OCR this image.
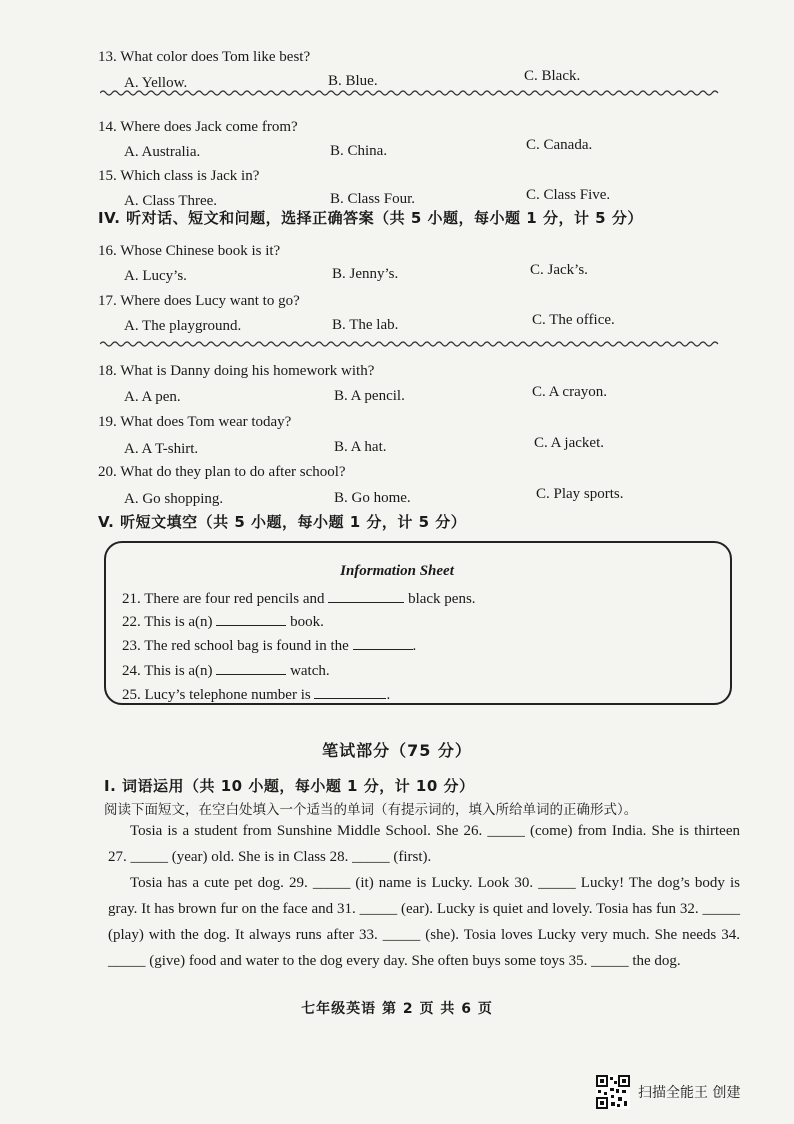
13. What color does Tom like best?
A. Yellow.	B. Blue.	C. Black.
14. Where does Jack come from?
A. Australia.	B. China.	C. Canada.
15. Which class is Jack in?
A. Class Three.	B. Class Four.	C. Class Five.
IV. 听对话、短文和问题，选择正确答案（共 5 小题，每小题 1 分，计 5 分）
16. Whose Chinese book is it?
A. Lucy’s.	B. Jenny’s.	C. Jack’s.
17. Where does Lucy want to go?
A. The playground.	B. The lab.	C. The office.
18. What is Danny doing his homework with?
A. A pen.	B. A pencil.	C. A crayon.
19. What does Tom wear today?
A. A T-shirt.	B. A hat.	C. A jacket.
20. What do they plan to do after school?
A. Go shopping.	B. Go home.	C. Play sports.
V. 听短文填空（共 5 小题，每小题 1 分，计 5 分）
Information Sheet
21. There are four red pencils and	black pens.
22. This is a(n)	book.
23. The red school bag is found in the	.
24. This is a(n)	watch.
25. Lucy’s telephone number is	.
笔试部分（75 分）
I. 词语运用（共 10 小题，每小题 1 分，计 10 分）
阅读下面短文，在空白处填入一个适当的单词（有提示词的，填入所给单词的正确形式）。
Tosia is a student from Sunshine Middle School. She 26. _____ (come) from India. She is thirteen 27. _____ (year) old. She is in Class 28. _____ (first).
Tosia has a cute pet dog. 29. _____ (it) name is Lucky. Look 30. _____ Lucky! The dog’s body is gray. It has brown fur on the face and 31. _____ (ear). Lucky is quiet and lovely. Tosia has fun 32. _____ (play) with the dog. It always runs after 33. _____ (she). Tosia loves Lucky very much. She needs 34. _____ (give) food and water to the dog every day. She often buys some toys 35. _____ the dog.
七年级英语 第 2 页 共 6 页
扫描全能王 创建
